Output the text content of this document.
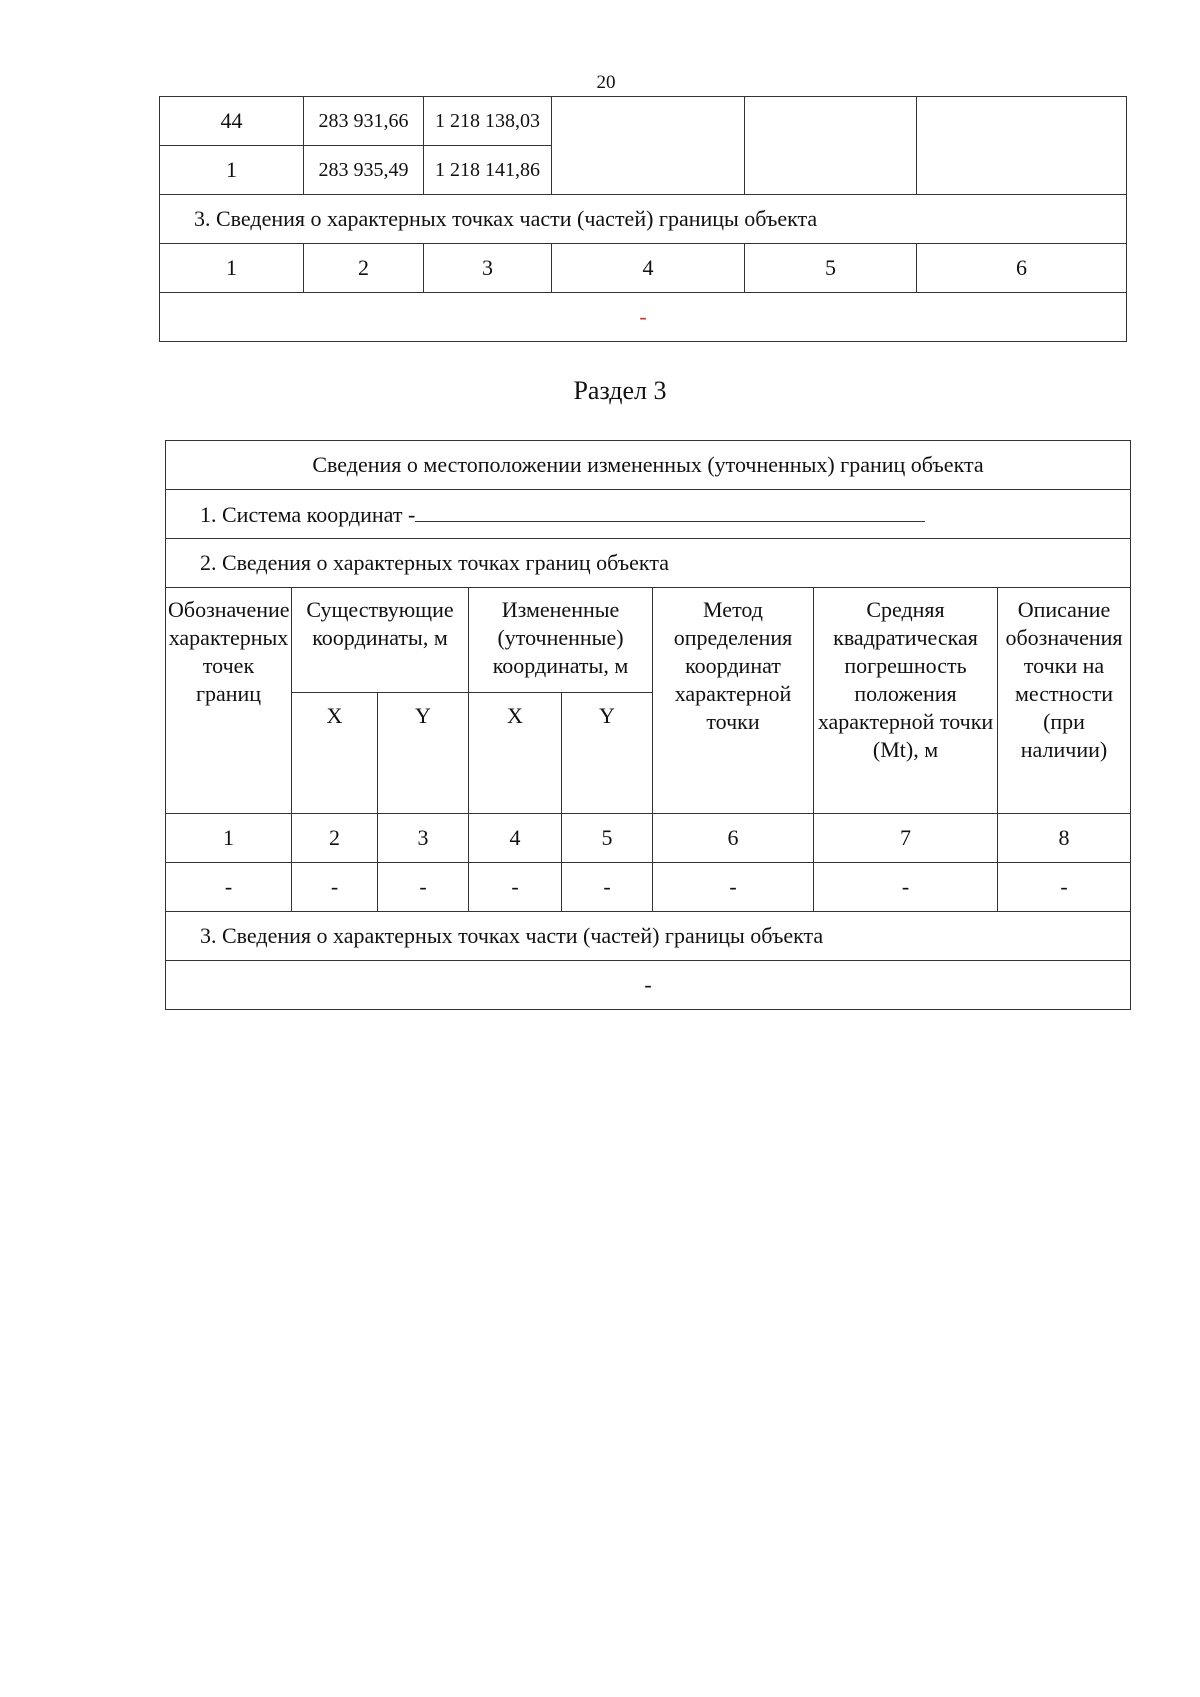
20
44	283 931,66	1 218 138,03			
1	283 935,49	1 218 141,86			
3. Сведения о характерных точках части (частей) границы объекта					
1	2	3	4	5	6
-					
Раздел 3
Сведения о местоположении измененных (уточненных) границ объекта							
1. Система координат -							
2. Сведения о характерных точках границ объекта							
Обозначение характерных точек границ	Существующие координаты, м		Измененные (уточненные) координаты, м		Метод определения координат характерной точки	Средняя квадратическая погрешность положения характерной точки (Mt), м	Описание обозначения точки на местности (при наличии)
	X	Y	X	Y			
1	2	3	4	5	6	7	8
-	-	-	-	-	-	-	-
3. Сведения о характерных точках части (частей) границы объекта							
-							
